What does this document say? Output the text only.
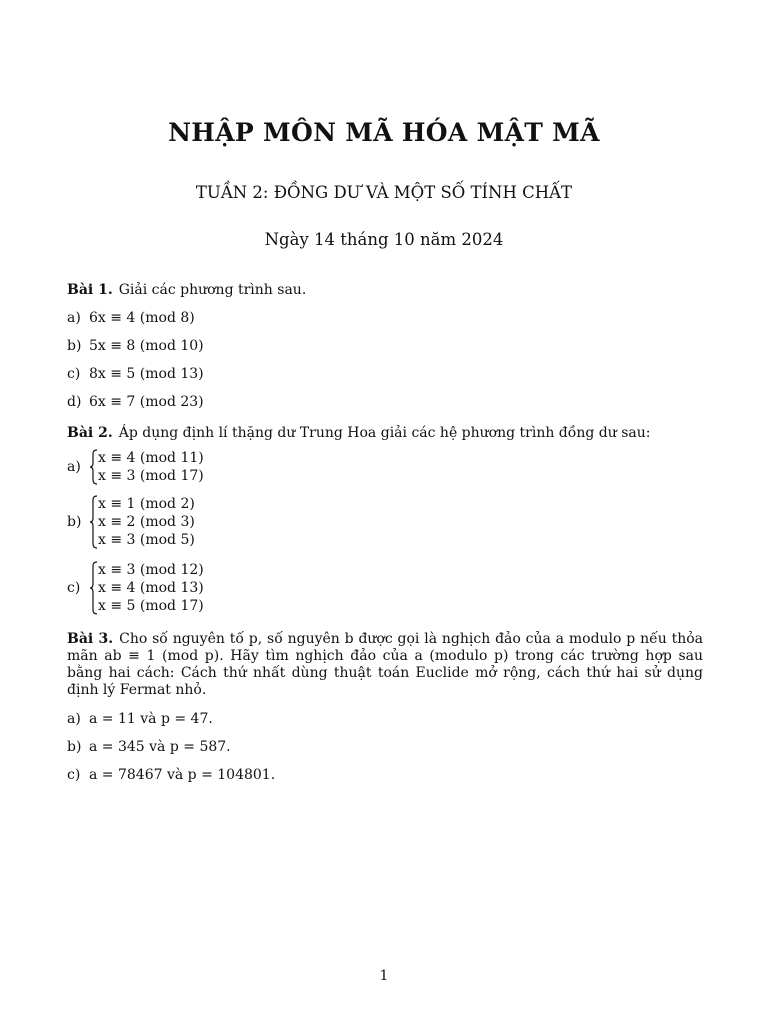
NHẬP MÔN MÃ HÓA MẬT MÃ
TUẦN 2: ĐỒNG DƯ VÀ MỘT SỐ TÍNH CHẤT
Ngày 14 tháng 10 năm 2024

Bài 1. Giải các phương trình sau.

a) 6x ≡ 4 (mod 8)
b) 5x ≡ 8 (mod 10)
c) 8x ≡ 5 (mod 13)
d) 6x ≡ 7 (mod 23)

Bài 2. Áp dụng định lí thặng dư Trung Hoa giải các hệ phương trình đồng dư sau:

a)
x ≡ 4 (mod 11)
x ≡ 3 (mod 17)
b)
x ≡ 1 (mod 2)
x ≡ 2 (mod 3)
x ≡ 3 (mod 5)
c)
x ≡ 3 (mod 12)
x ≡ 4 (mod 13)
x ≡ 5 (mod 17)

Bài 3. Cho số nguyên tố p, số nguyên b được gọi là nghịch đảo của a modulo p nếu thỏa mãn ab ≡ 1 (mod p). Hãy tìm nghịch đảo của a (modulo p) trong các trường hợp sau bằng hai cách: Cách thứ nhất dùng thuật toán Euclide mở rộng, cách thứ hai sử dụng định lý Fermat nhỏ.

a) a = 11 và p = 47.
b) a = 345 và p = 587.
c) a = 78467 và p = 104801.
1
